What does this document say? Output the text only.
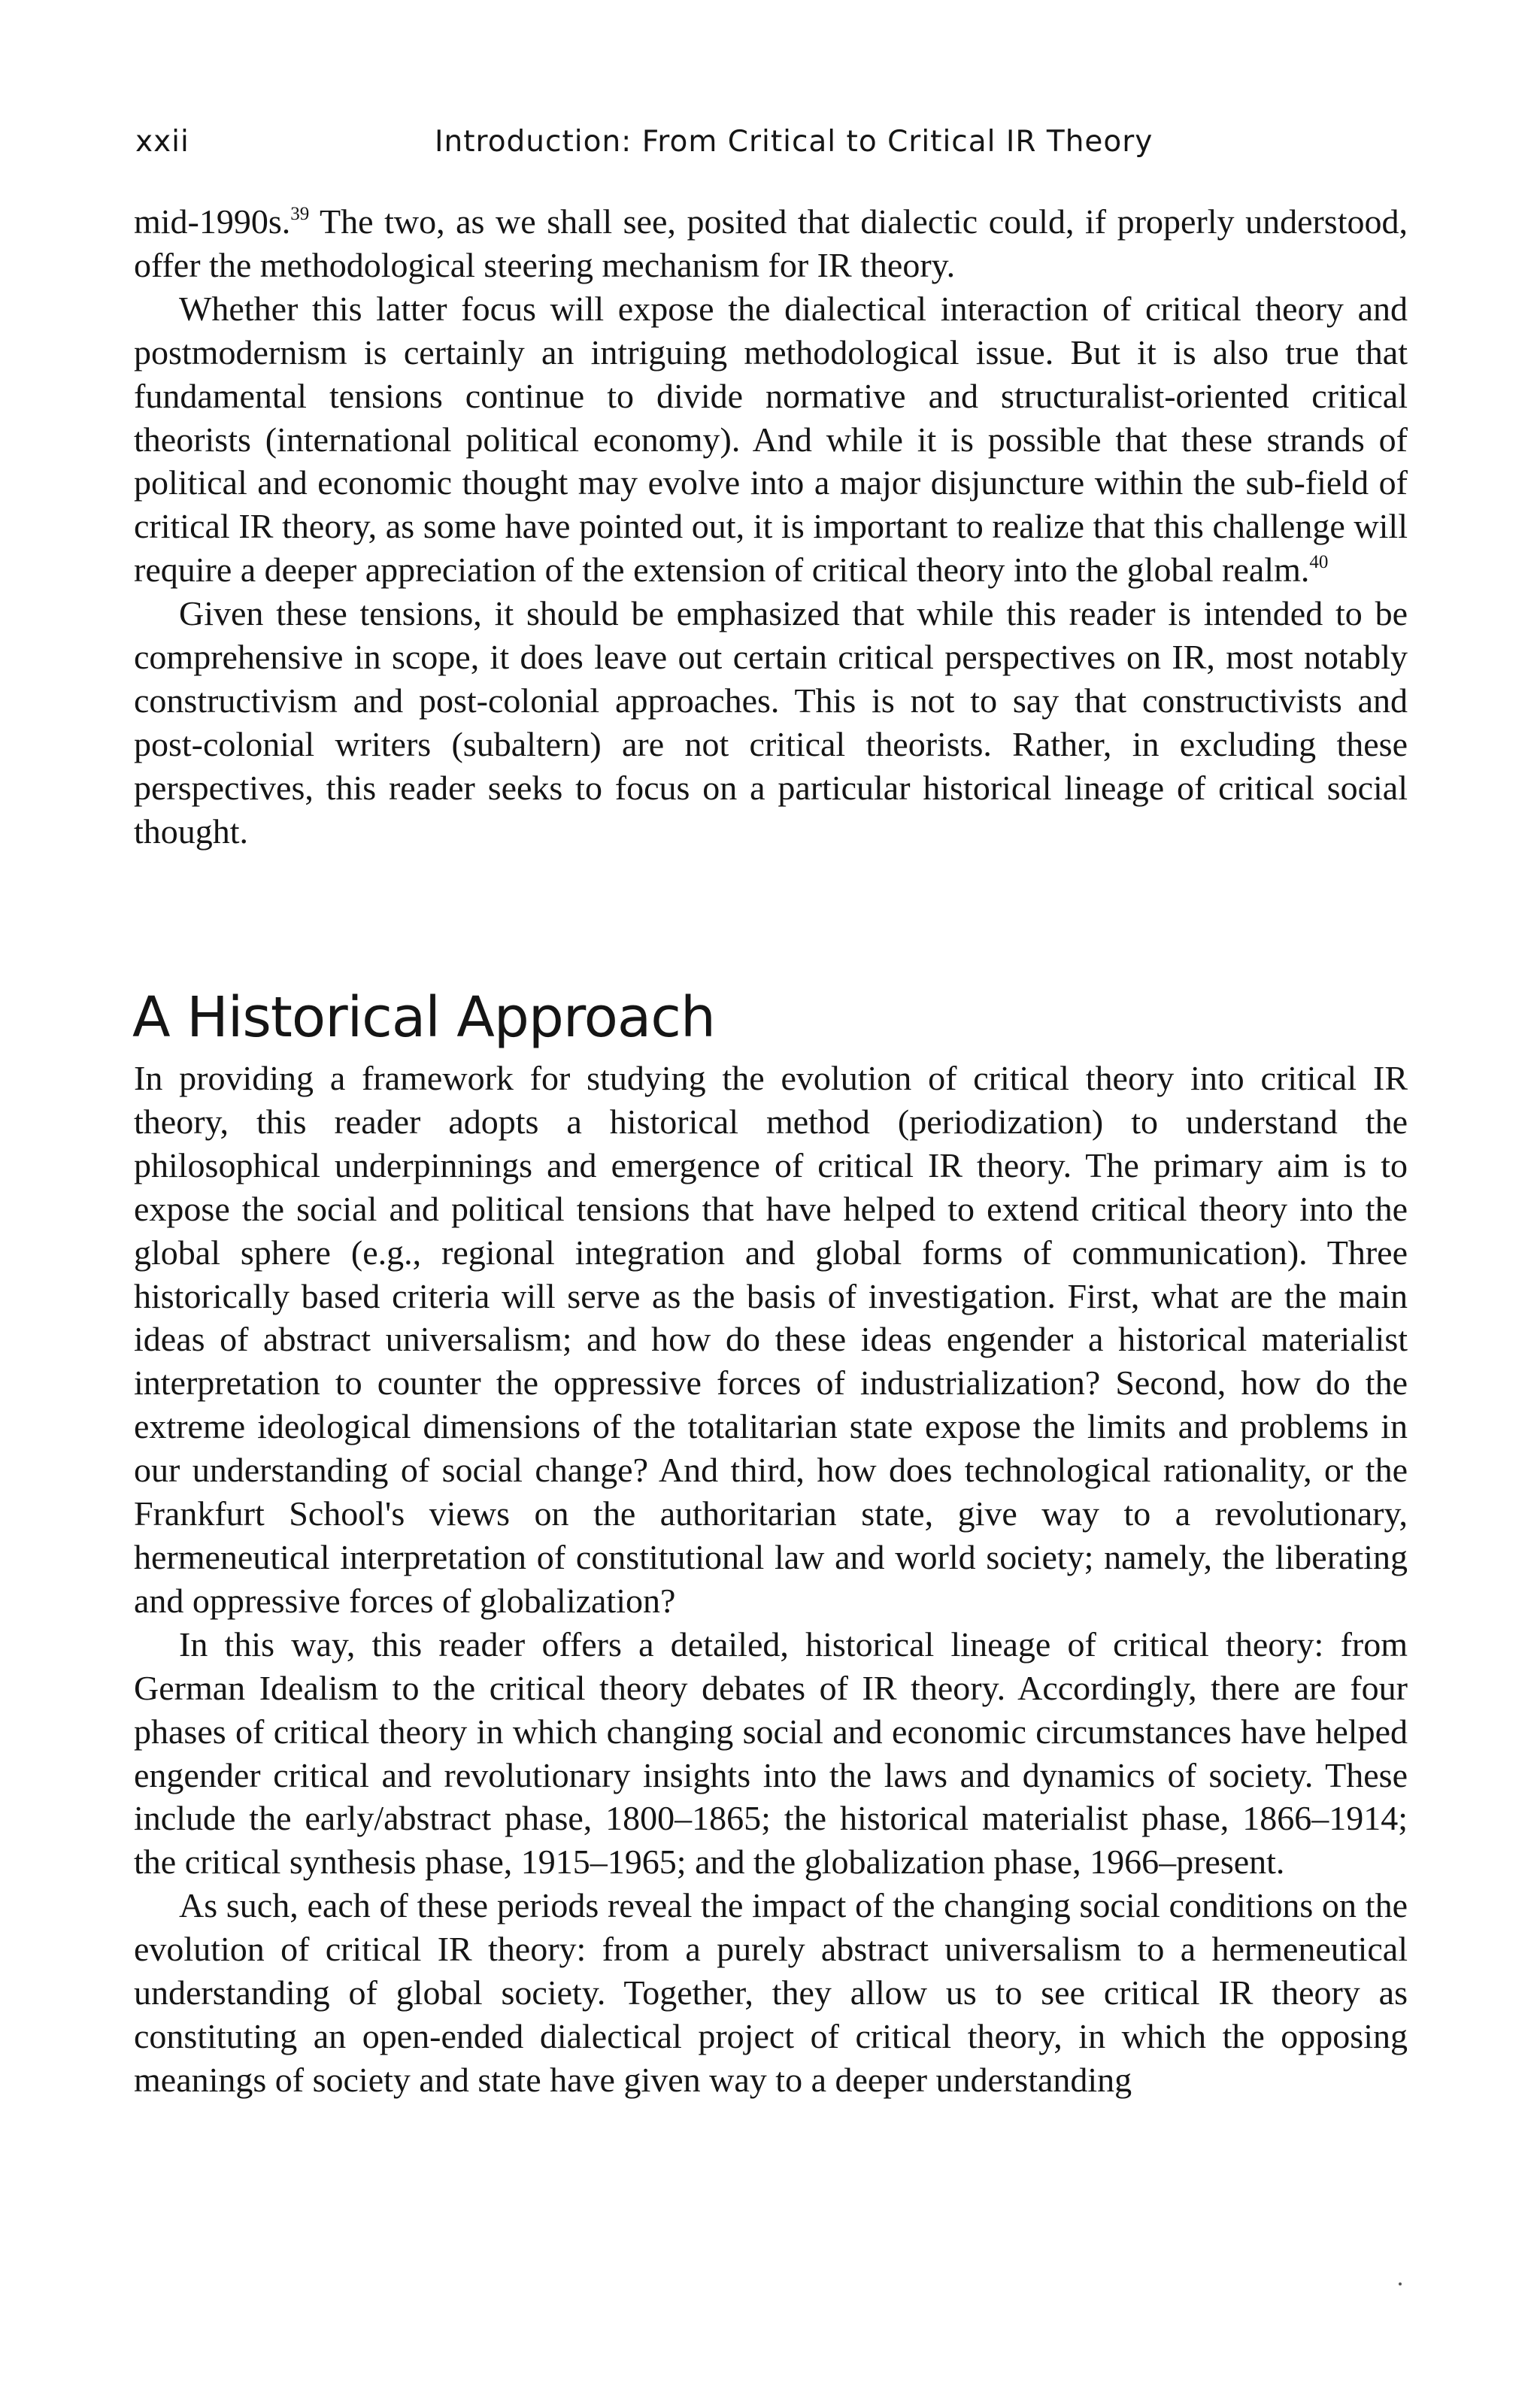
xxii	Introduction: From Critical to Critical IR Theory

mid-1990s.$^{39}$ The two, as we shall see, posited that dialectic could, if properly understood, offer the methodological steering mechanism for IR theory.

Whether this latter focus will expose the dialectical interaction of critical theory and postmodernism is certainly an intriguing methodological issue. But it is also true that fundamental tensions continue to divide normative and structuralist-oriented critical theorists (international political economy). And while it is possible that these strands of political and economic thought may evolve into a major disjuncture within the sub-field of critical IR theory, as some have pointed out, it is important to realize that this challenge will require a deeper appreciation of the extension of critical theory into the global realm.$^{40}$

Given these tensions, it should be emphasized that while this reader is intended to be comprehensive in scope, it does leave out certain critical perspectives on IR, most notably constructivism and post-colonial approaches. This is not to say that constructivists and post-colonial writers (subaltern) are not critical theorists. Rather, in excluding these perspectives, this reader seeks to focus on a particular historical lineage of critical social thought.

A Historical Approach

In providing a framework for studying the evolution of critical theory into critical IR theory, this reader adopts a historical method (periodization) to understand the philosophical underpinnings and emergence of critical IR theory. The primary aim is to expose the social and political tensions that have helped to extend critical theory into the global sphere (e.g., regional integration and global forms of communication). Three historically based criteria will serve as the basis of investigation. First, what are the main ideas of abstract universalism; and how do these ideas engender a historical materialist interpretation to counter the oppressive forces of industrialization? Second, how do the extreme ideological dimensions of the totalitarian state expose the limits and problems in our understanding of social change? And third, how does technological rationality, or the Frankfurt School's views on the authoritarian state, give way to a revolutionary, hermeneutical interpretation of constitutional law and world society; namely, the liberating and oppressive forces of globalization?

In this way, this reader offers a detailed, historical lineage of critical theory: from German Idealism to the critical theory debates of IR theory. Accordingly, there are four phases of critical theory in which changing social and economic circumstances have helped engender critical and revolutionary insights into the laws and dynamics of society. These include the early/abstract phase, 1800–1865; the historical materialist phase, 1866–1914; the critical synthesis phase, 1915–1965; and the globalization phase, 1966–present.

As such, each of these periods reveal the impact of the changing social conditions on the evolution of critical IR theory: from a purely abstract universalism to a hermeneutical understanding of global society. Together, they allow us to see critical IR theory as constituting an open-ended dialectical project of critical theory, in which the opposing meanings of society and state have given way to a deeper understanding
